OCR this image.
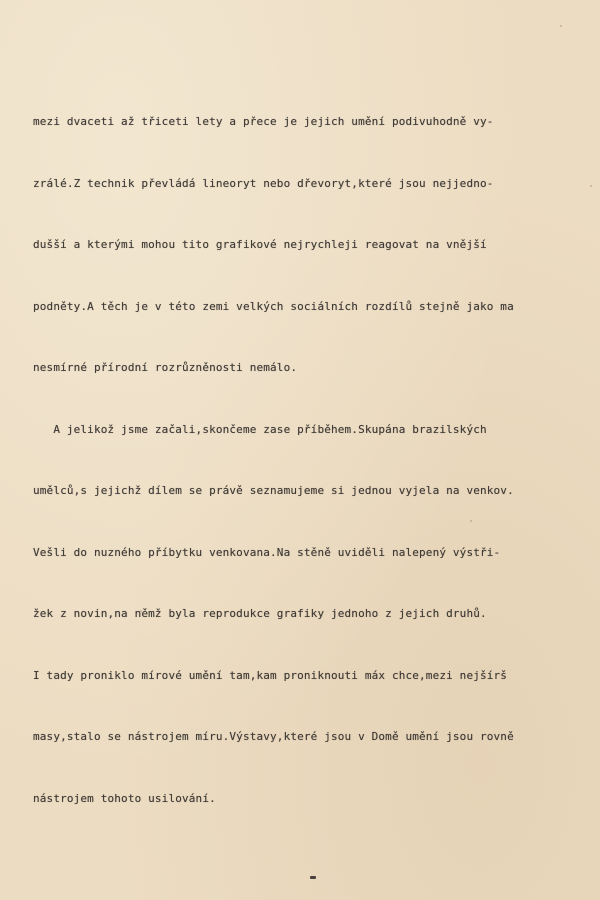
mezi dvaceti až třiceti lety a přece je jejich umění podivuhodně vy-

zrálé.Z technik převládá lineoryt nebo dřevoryt,které jsou nejjedno-

dušší a kterými mohou tito grafikové nejrychleji reagovat na vnější

podněty.A těch je v této zemi velkých sociálních rozdílů stejně jako ma

nesmírné přírodní rozrůzněnosti nemálo.

A jelikož jsme začali,skončeme zase příběhem.Skupána brazilských

umělců,s jejichž dílem se právě seznamujeme si jednou vyjela na venkov.

Vešli do nuzného příbytku venkovana.Na stěně uviděli nalepený výstři-

žek z novin,na němž byla reprodukce grafiky jednoho z jejich druhů.

I tady proniklo mírové umění tam,kam proniknouti máx chce,mezi nejšírš

masy,stalo se nástrojem míru.Výstavy,které jsou v Domě umění jsou rovně

nástrojem tohoto usilování.
